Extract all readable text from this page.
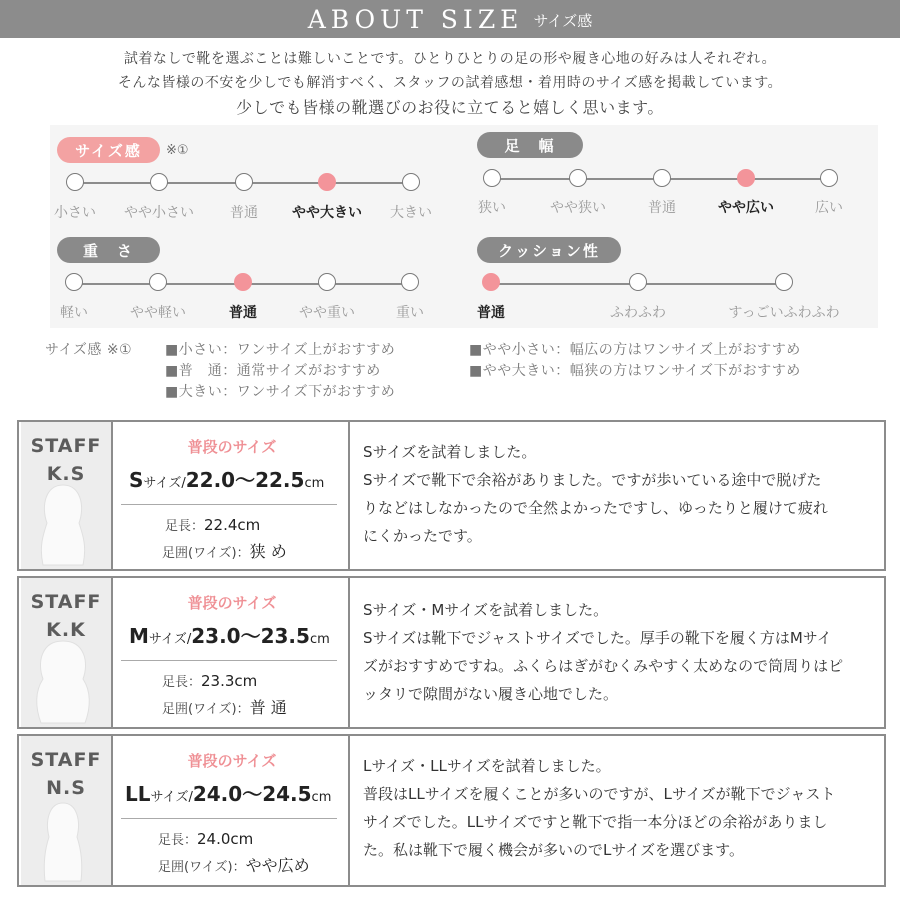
ABOUT SIZE サイズ感
試着なしで靴を選ぶことは難しいことです。ひとりひとりの足の形や履き心地の好みは人それぞれ。
そんな皆様の不安を少しでも解消すべく、スタッフの試着感想・着用時のサイズ感を掲載しています。
少しでも皆様の靴選びのお役に立てると嬉しく思います。
サイズ感	※①
小さい やや小さい	普通 やや大きい 大きい
足　幅
狭い	やや狭い	普通	やや広い	広い
重　さ
軽い	やや軽い	普通	やや重い	重い
クッション性
普通	ふわふわ	すっごいふわふわ
サイズ感 ※① ■小さい：ワンサイズ上がおすすめ
■普　通：通常サイズがおすすめ
■大きい：ワンサイズ下がおすすめ
■やや小さい：幅広の方はワンサイズ上がおすすめ
■やや大きい：幅狭の方はワンサイズ下がおすすめ
STAFF
K.S
普段のサイズ
Sサイズ/22.0〜22.5cm
足長：22.4cm
足囲(ワイズ)：狭 め
Sサイズを試着しました。
Sサイズで靴下で余裕がありました。ですが歩いている途中で脱げた
りなどはしなかったので全然よかったですし、ゆったりと履けて疲れ
にくかったです。
STAFF
K.K
普段のサイズ
Mサイズ/23.0〜23.5cm
足長：23.3cm
足囲(ワイズ)：普 通
Sサイズ・Mサイズを試着しました。
Sサイズは靴下でジャストサイズでした。厚手の靴下を履く方はMサイ
ズがおすすめですね。ふくらはぎがむくみやすく太めなので筒周りはピ
ッタリで隙間がない履き心地でした。
STAFF
N.S
普段のサイズ
LLサイズ/24.0〜24.5cm
足長：24.0cm
足囲(ワイズ)：やや広め
Lサイズ・LLサイズを試着しました。
普段はLLサイズを履くことが多いのですが、Lサイズが靴下でジャスト
サイズでした。LLサイズですと靴下で指一本分ほどの余裕がありまし
た。私は靴下で履く機会が多いのでLサイズを選びます。
